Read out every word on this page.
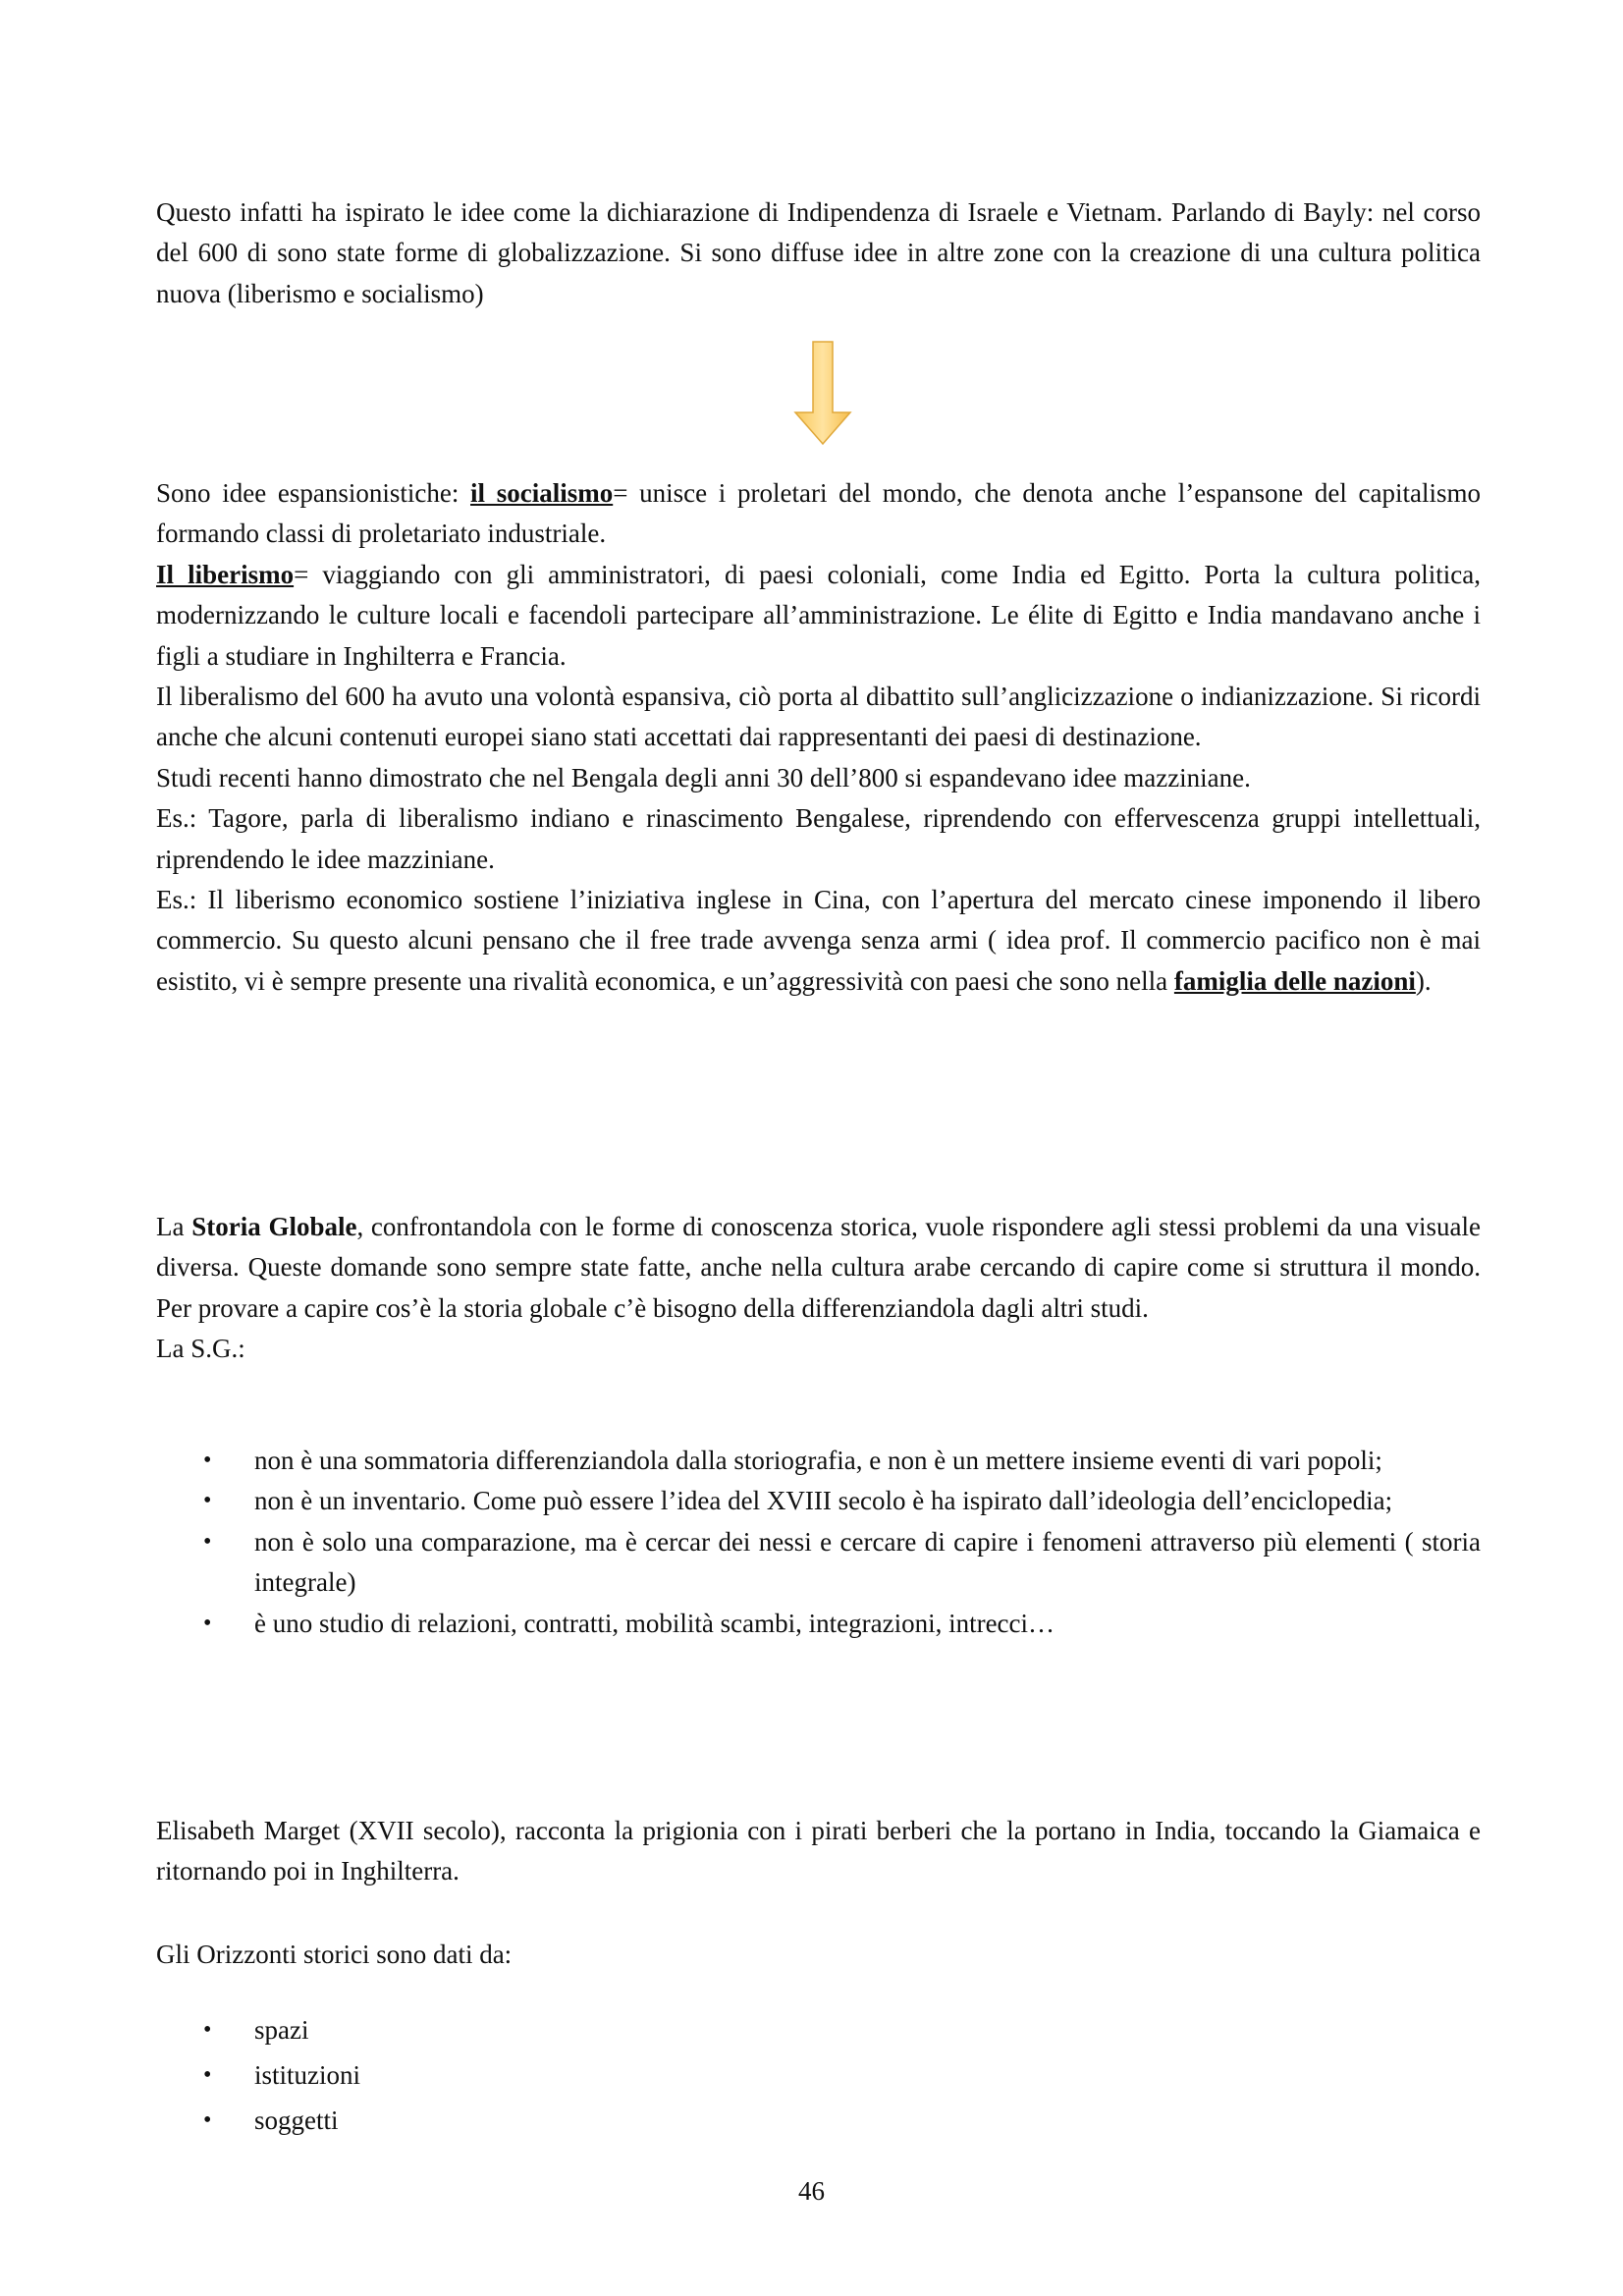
Questo infatti ha ispirato le idee come la dichiarazione di Indipendenza di Israele e Vietnam. Parlando di Bayly: nel corso del 600 di sono state forme di globalizzazione. Si sono diffuse idee in altre zone con la creazione di una cultura politica nuova (liberismo e socialismo)

Sono idee espansionistiche: il socialismo= unisce i proletari del mondo, che denota anche l’espansone del capitalismo formando classi di proletariato industriale.

Il liberismo= viaggiando con gli amministratori, di paesi coloniali, come India ed Egitto. Porta la cultura politica, modernizzando le culture locali e facendoli partecipare all’amministrazione. Le élite di Egitto e India mandavano anche i figli a studiare in Inghilterra e Francia.

Il liberalismo del 600 ha avuto una volontà espansiva, ciò porta al dibattito sull’anglicizzazione o indianizzazione. Si ricordi anche che alcuni contenuti europei siano stati accettati dai rappresentanti dei paesi di destinazione.

Studi recenti hanno dimostrato che nel Bengala degli anni 30 dell’800 si espandevano idee mazziniane.

Es.: Tagore, parla di liberalismo indiano e rinascimento Bengalese, riprendendo con effervescenza gruppi intellettuali, riprendendo le idee mazziniane.

Es.: Il liberismo economico sostiene l’iniziativa inglese in Cina, con l’apertura del mercato cinese imponendo il libero commercio. Su questo alcuni pensano che il free trade avvenga senza armi ( idea prof. Il commercio pacifico non è mai esistito, vi è sempre presente una rivalità economica, e un’aggressività con paesi che sono nella famiglia delle nazioni).

La Storia Globale, confrontandola con le forme di conoscenza storica, vuole rispondere agli stessi problemi da una visuale diversa. Queste domande sono sempre state fatte, anche nella cultura arabe cercando di capire come si struttura il mondo. Per provare a capire cos’è la storia globale c’è bisogno della differenziandola dagli altri studi.

La S.G.:

• non è una sommatoria differenziandola dalla storiografia, e non è un mettere insieme eventi di vari popoli;
• non è un inventario. Come può essere l’idea del XVIII secolo è ha ispirato dall’ideologia dell’enciclopedia;
• non è solo una comparazione, ma è cercar dei nessi e cercare di capire i fenomeni attraverso più elementi ( storia integrale)
• è uno studio di relazioni, contratti, mobilità scambi, integrazioni, intrecci…

Elisabeth Marget (XVII secolo), racconta la prigionia con i pirati berberi che la portano in India, toccando la Giamaica e ritornando poi in Inghilterra.

Gli Orizzonti storici sono dati da:

• spazi
• istituzioni
• soggetti
46
